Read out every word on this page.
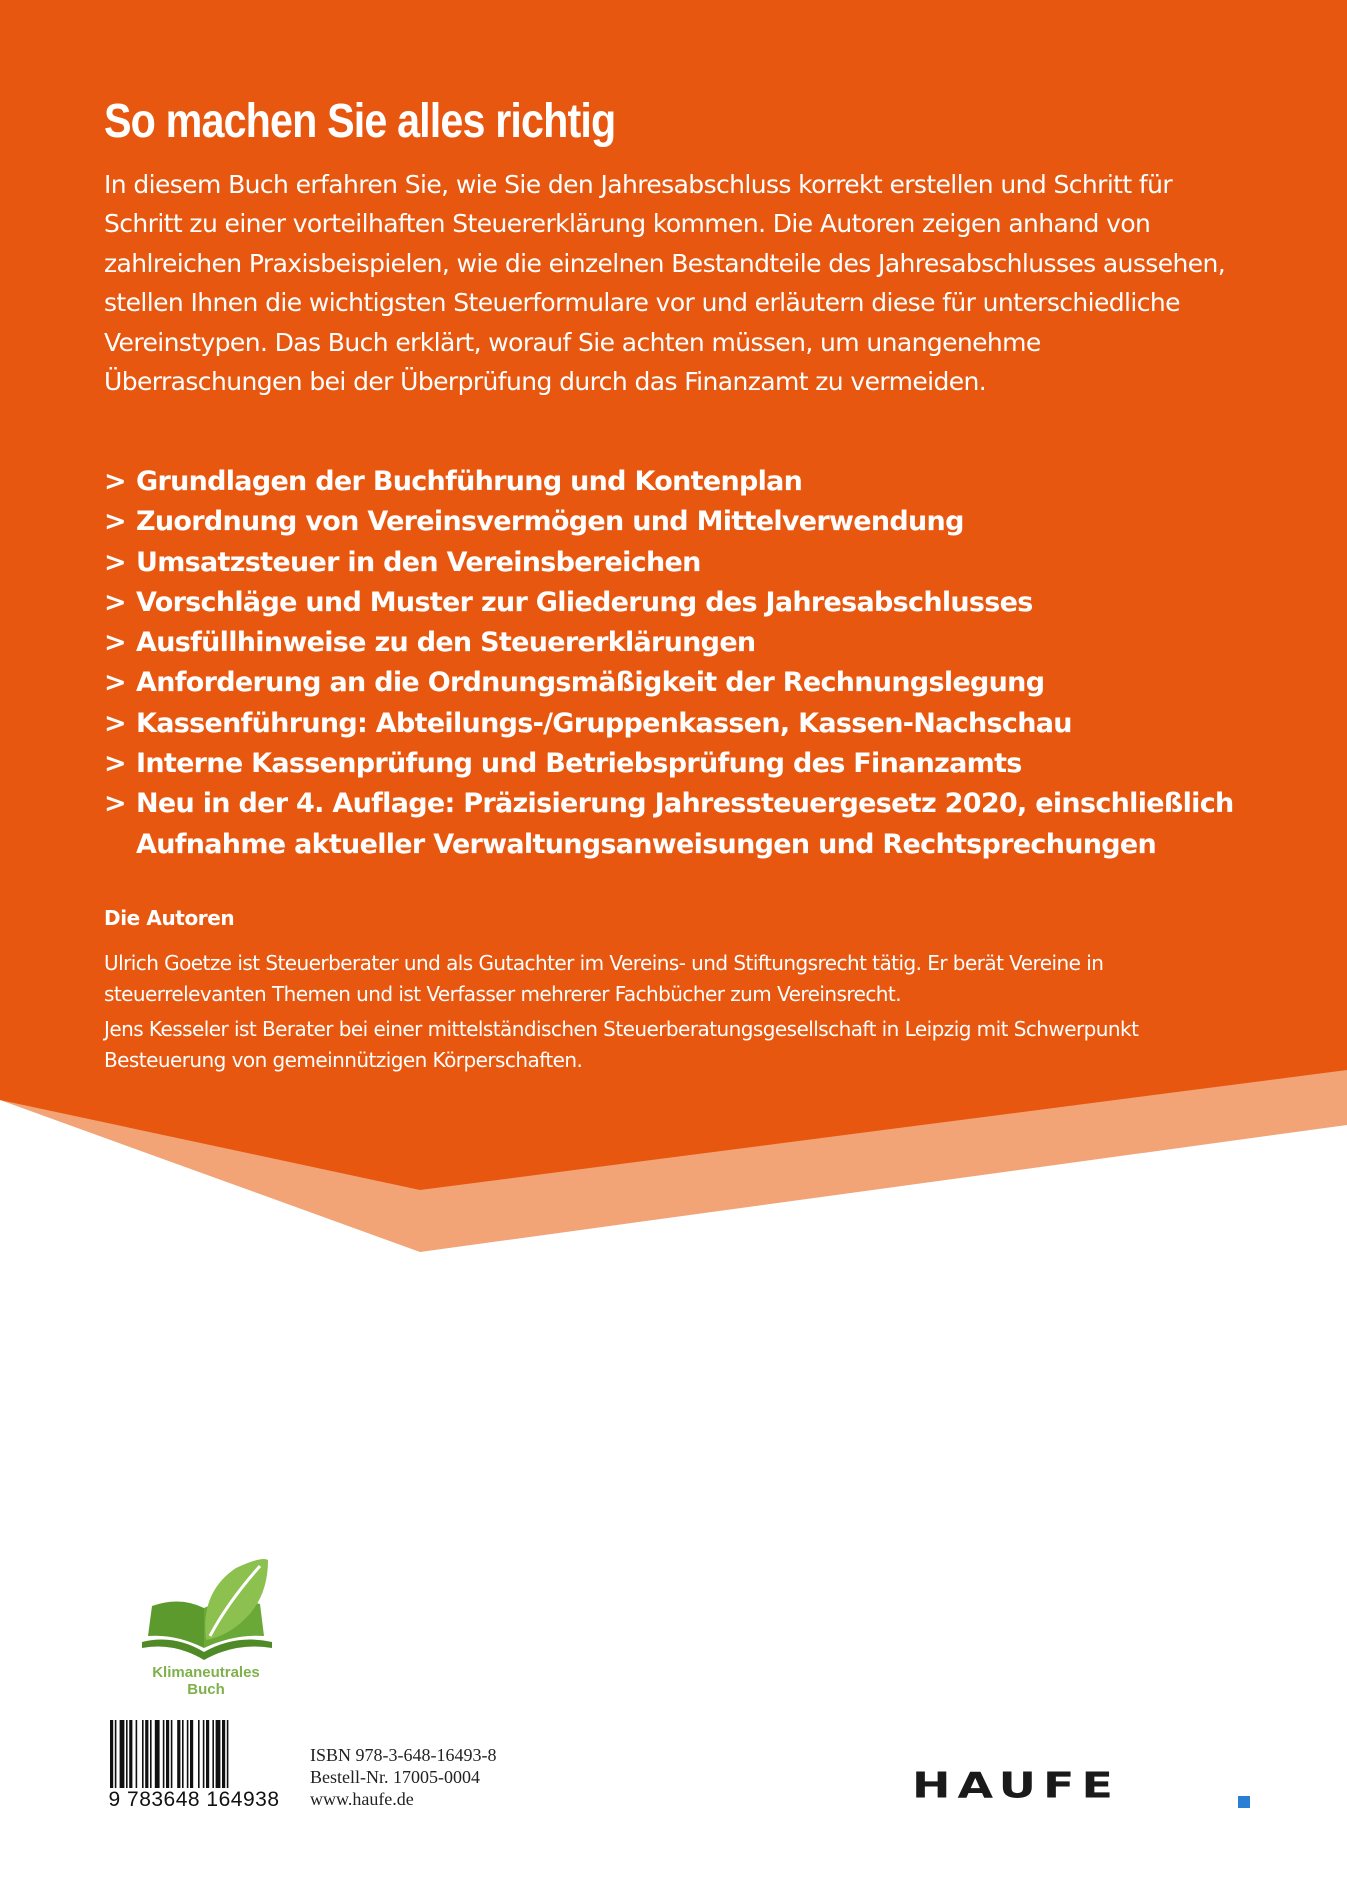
So machen Sie alles richtig

In diesem Buch erfahren Sie, wie Sie den Jahresabschluss korrekt erstellen und Schritt für Schritt zu einer vorteilhaften Steuererklärung kommen. Die Autoren zeigen anhand von zahlreichen Praxisbeispielen, wie die einzelnen Bestandteile des Jahresabschlusses aussehen, stellen Ihnen die wichtigsten Steuerformulare vor und erläutern diese für unterschiedliche Vereinstypen. Das Buch erklärt, worauf Sie achten müssen, um unangenehme Überraschungen bei der Überprüfung durch das Finanzamt zu vermeiden.

> Grundlagen der Buchführung und Kontenplan
> Zuordnung von Vereinsvermögen und Mittelverwendung
> Umsatzsteuer in den Vereinsbereichen
> Vorschläge und Muster zur Gliederung des Jahresabschlusses
> Ausfüllhinweise zu den Steuererklärungen
> Anforderung an die Ordnungsmäßigkeit der Rechnungslegung
> Kassenführung: Abteilungs-/Gruppenkassen, Kassen-Nachschau
> Interne Kassenprüfung und Betriebsprüfung des Finanzamts
> Neu in der 4. Auflage: Präzisierung Jahressteuergesetz 2020, einschließlich Aufnahme aktueller Verwaltungsanweisungen und Rechtsprechungen
Die Autoren

Ulrich Goetze ist Steuerberater und als Gutachter im Vereins- und Stiftungsrecht tätig. Er berät Vereine in steuerrelevanten Themen und ist Verfasser mehrerer Fachbücher zum Vereinsrecht.

Jens Kesseler ist Berater bei einer mittelständischen Steuerberatungsgesellschaft in Leipzig mit Schwerpunkt Besteuerung von gemeinnützigen Körperschaften.

Klimaneutrales
Buch
9 783648 164938
ISBN 978-3-648-16493-8
Bestell-Nr. 17005-0004
www.haufe.de	HAUFE
